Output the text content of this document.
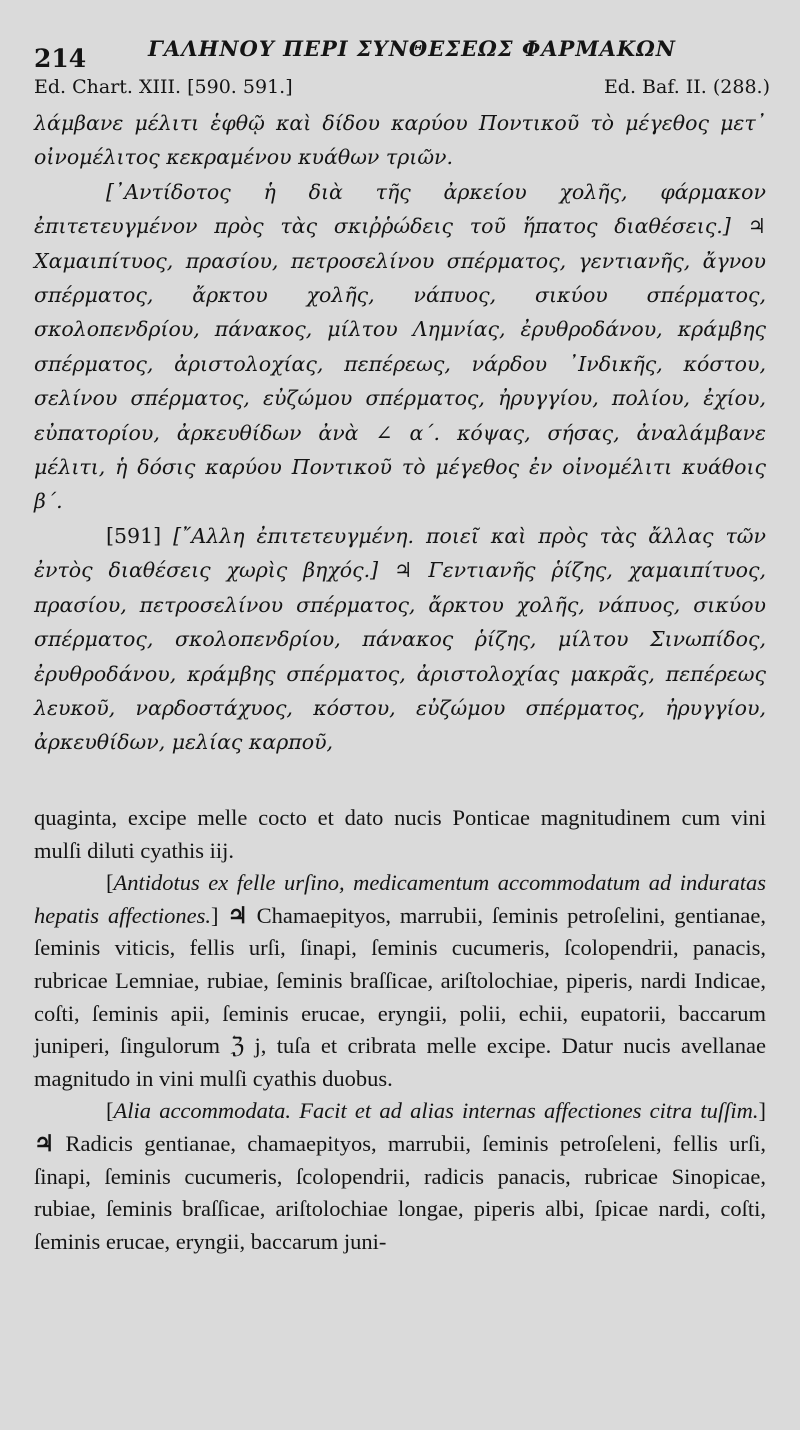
214	ΓΑΛΗΝΟΥ ΠΕΡΙ ΣΥΝΘΕΣΕΩΣ ΦΑΡΜΑΚΩΝ
Ed. Chart. XIII. [590. 591.]	Ed. Baf. II. (288.)

λάμβανε μέλιτι ἑφθῷ καὶ δίδου καρύου Ποντικοῦ τὸ μέγεθος μετ᾽ οἰνομέλιτος κεκραμένου κυάθων τριῶν.

[᾽Αντίδοτος ἡ διὰ τῆς ἀρκείου χολῆς, φάρμακον ἐπιτετευγμένον πρὸς τὰς σκιῤῥώδεις τοῦ ἥπατος διαθέσεις.] ♃ Χαμαιπίτυος, πρασίου, πετροσελίνου σπέρματος, γεντιανῆς, ἄγνου σπέρματος, ἄρκτου χολῆς, νάπυος, σικύου σπέρματος, σκολοπενδρίου, πάνακος, μίλτου Λημνίας, ἐρυθροδάνου, κράμβης σπέρματος, ἀριστολοχίας, πεπέρεως, νάρδου ᾽Ινδικῆς, κόστου, σελίνου σπέρματος, εὐζώμου σπέρματος, ἠρυγγίου, πολίου, ἐχίου, εὐπατορίου, ἀρκευθίδων ἀνὰ ∠ α΄. κόψας, σήσας, ἀναλάμβανε μέλιτι, ἡ δόσις καρύου Ποντικοῦ τὸ μέγεθος ἐν οἰνομέλιτι κυάθοις β΄.

[591] [῎Αλλη ἐπιτετευγμένη. ποιεῖ καὶ πρὸς τὰς ἄλλας τῶν ἐντὸς διαθέσεις χωρὶς βηχός.] ♃ Γεντιανῆς ῥίζης, χαμαιπίτυος, πρασίου, πετροσελίνου σπέρματος, ἄρκτου χολῆς, νάπυος, σικύου σπέρματος, σκολοπενδρίου, πάνακος ῥίζης, μίλτου Σινωπίδος, ἐρυθροδάνου, κράμβης σπέρματος, ἀριστολοχίας μακρᾶς, πεπέρεως λευκοῦ, ναρδοστάχυος, κόστου, εὐζώμου σπέρματος, ἠρυγγίου, ἀρκευθίδων, μελίας καρποῦ,

quaginta, excipe melle cocto et dato nucis Ponticae magnitudinem cum vini mulſi diluti cyathis iij.

[Antidotus ex felle urſino, medicamentum accommodatum ad induratas hepatis affectiones.] ♃ Chamaepityos, marrubii, ſeminis petroſelini, gentianae, ſeminis viticis, fellis urſi, ſinapi, ſeminis cucumeris, ſcolopendrii, panacis, rubricae Lemniae, rubiae, ſeminis braſſicae, ariſtolochiae, piperis, nardi Indicae, coſti, ſeminis apii, ſeminis erucae, eryngii, polii, echii, eupatorii, baccarum juniperi, ſingulorum ℨ j, tuſa et cribrata melle excipe. Datur nucis avellanae magnitudo in vini mulſi cyathis duobus.

[Alia accommodata. Facit et ad alias internas affectiones citra tuſſim.] ♃ Radicis gentianae, chamaepityos, marrubii, ſeminis petroſeleni, fellis urſi, ſinapi, ſeminis cucumeris, ſcolopendrii, radicis panacis, rubricae Sinopicae, rubiae, ſeminis braſſicae, ariſtolochiae longae, piperis albi, ſpicae nardi, coſti, ſeminis erucae, eryngii, baccarum juni-
